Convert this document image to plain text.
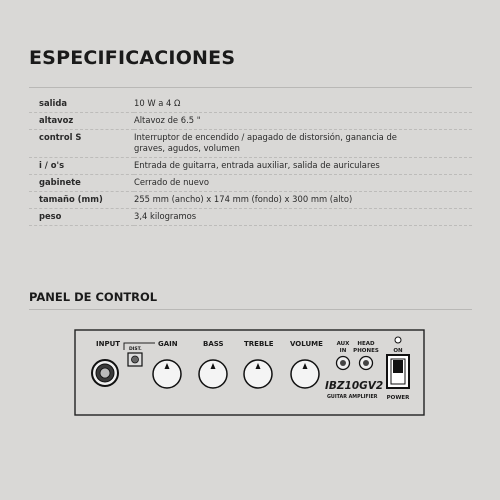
ESPECIFICACIONES
salida	10 W a 4 Ω
altavoz	Altavoz de 6.5 "
control S	Interruptor de encendido / apagado de distorsión, ganancia de graves, agudos, volumen
i / o's	Entrada de guitarra, entrada auxiliar, salida de auriculares
gabinete	Cerrado de nuevo
tamaño (mm)	255 mm (ancho) x 174 mm (fondo) x 300 mm (alto)
peso	3,4 kilogramos
PANEL DE CONTROL
INPUT
DIST.
GAIN	BASS	TREBLE VOLUME AUX
IN
HEAD
PHONES
IBZ10GV2
GUITAR AMPLIFIER
ON
POWER
